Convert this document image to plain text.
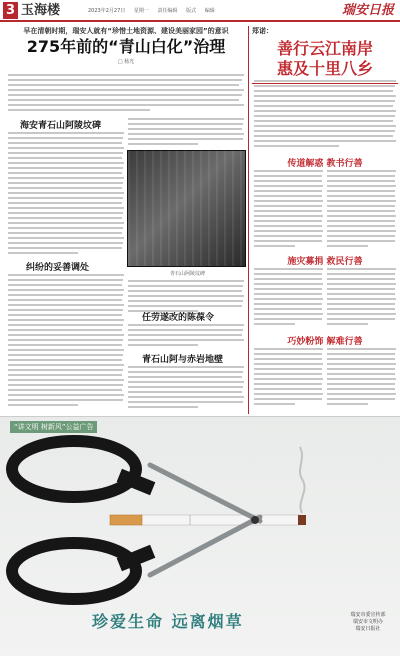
3 玉海楼	2023年2月27日 星期一 责任编辑 版式 编辑	瑞安日报
早在清朝时期，瑞安人就有“珍惜土地资源、建设美丽家园”的意识
275年前的“青山白化”治理
□ 杨光
海安青石山阿陵坟碑
青石山阿陵坟碑
纠纷的妥善调处
任劳遂改的陈葆令
青石山阿与赤岩地壁
郑诺：
善行云江南岸
惠及十里八乡
传道解惑 教书行善
施灾募捐 救民行善
巧妙粉饰 解难行善
“讲文明 树新风”公益广告
珍爱生命 远离烟草	瑞安市委宣传部
瑞安市文明办
瑞安日报社
